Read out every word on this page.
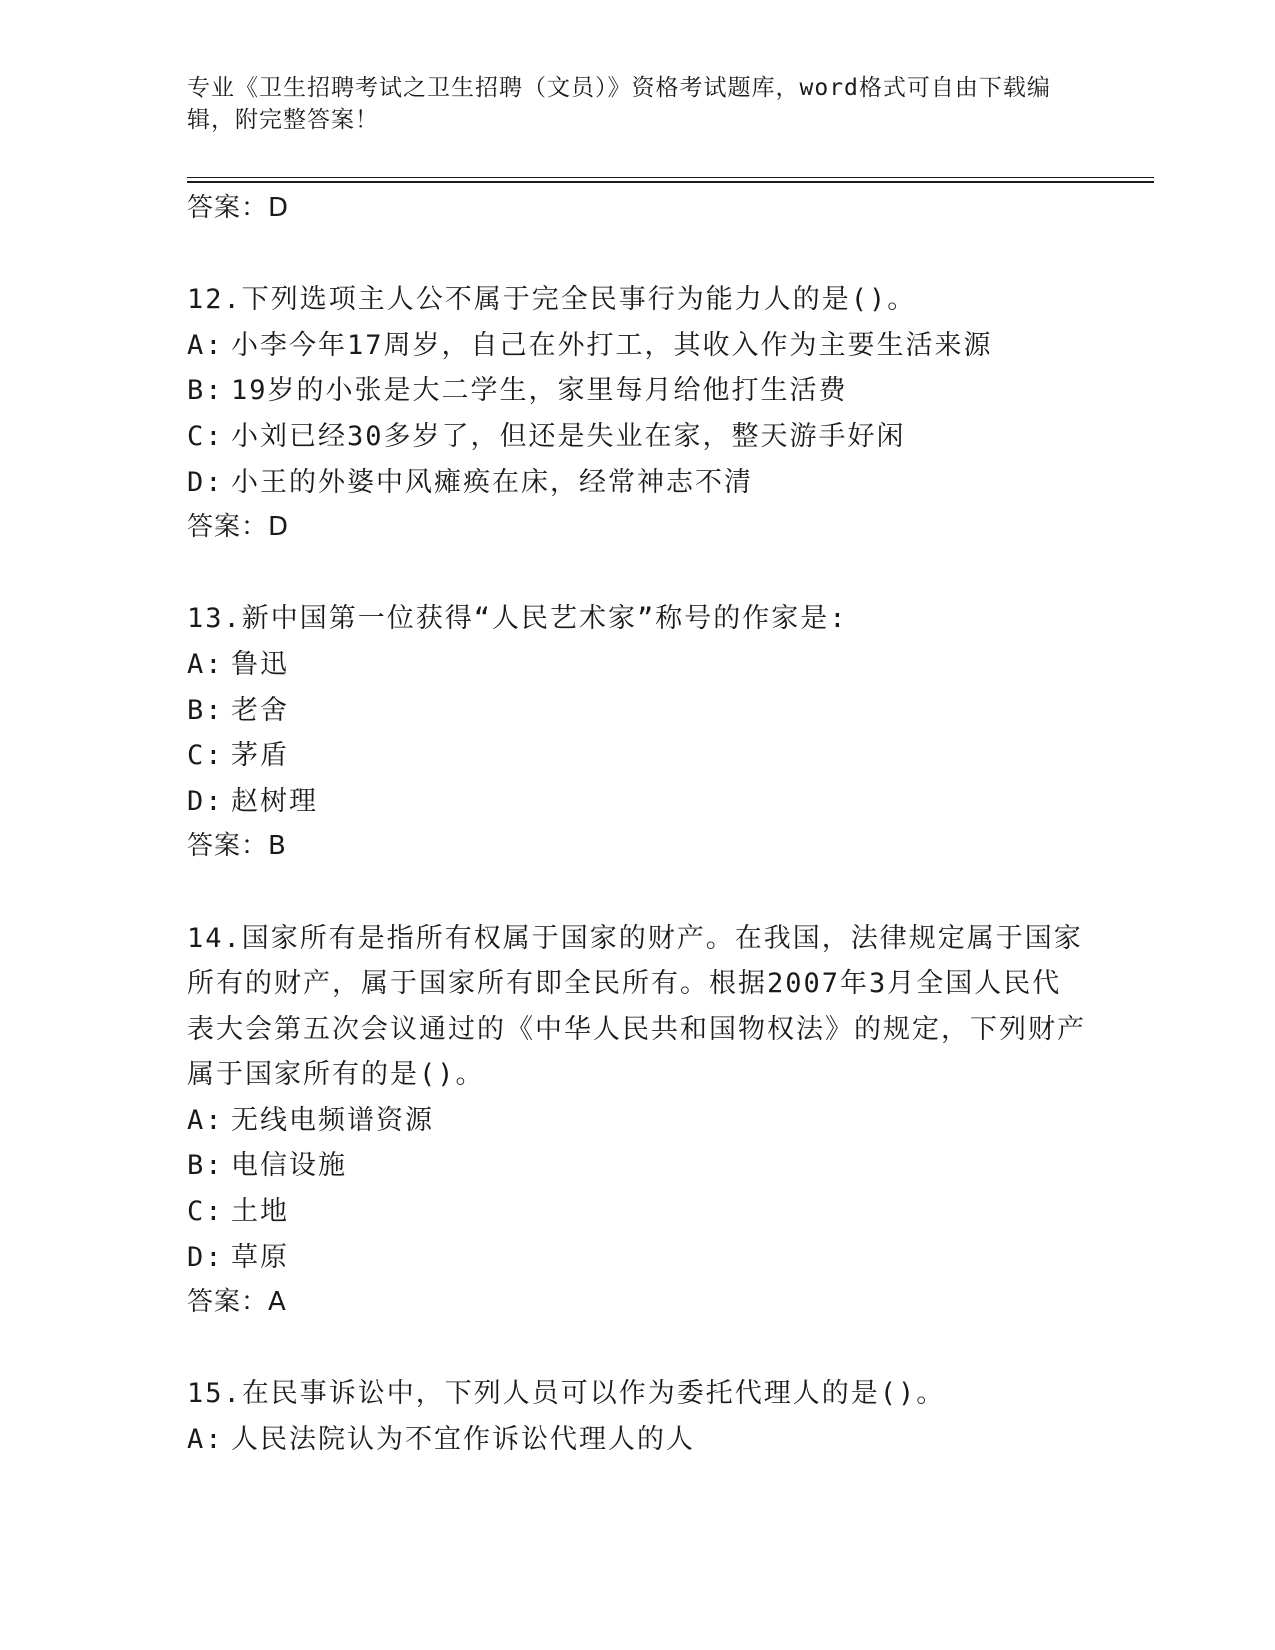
专业《卫生招聘考试之卫生招聘（文员）》资格考试题库，word格式可自由下载编辑，附完整答案！
答案：D
12.下列选项主人公不属于完全民事行为能力人的是()。
A: 小李今年17周岁，自己在外打工，其收入作为主要生活来源
B: 19岁的小张是大二学生，家里每月给他打生活费
C: 小刘已经30多岁了，但还是失业在家，整天游手好闲
D: 小王的外婆中风瘫痪在床，经常神志不清
答案：D
13.新中国第一位获得“人民艺术家”称号的作家是:
A: 鲁迅
B: 老舍
C: 茅盾
D: 赵树理
答案：B
14.国家所有是指所有权属于国家的财产。在我国，法律规定属于国家所有的财产，属于国家所有即全民所有。根据2007年3月全国人民代表大会第五次会议通过的《中华人民共和国物权法》的规定，下列财产属于国家所有的是()。
A: 无线电频谱资源
B: 电信设施
C: 土地
D: 草原
答案：A
15.在民事诉讼中，下列人员可以作为委托代理人的是()。
A: 人民法院认为不宜作诉讼代理人的人
